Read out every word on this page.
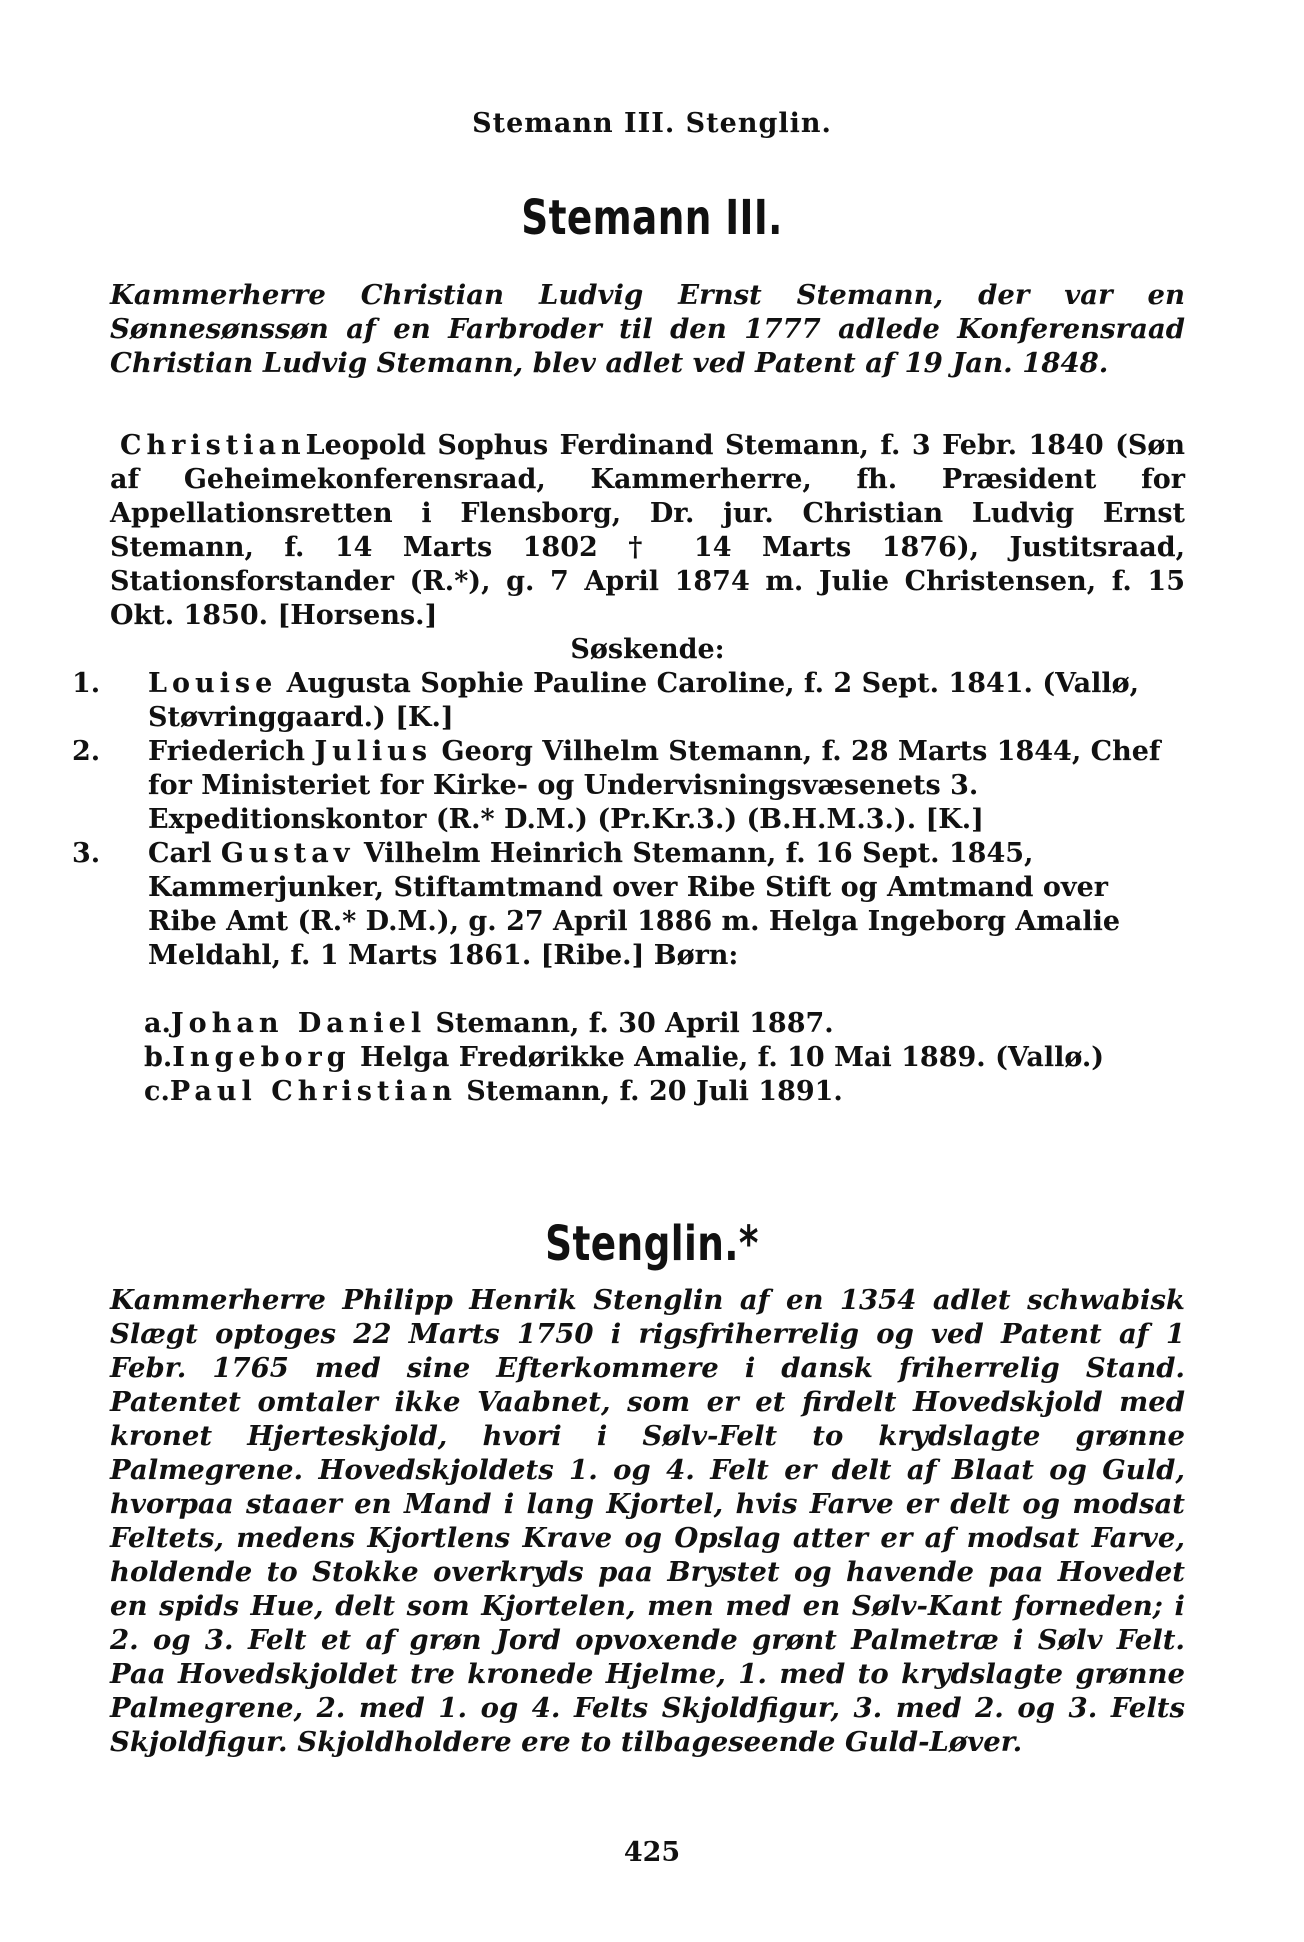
Stemann III. Stenglin.
Stemann III.
Kammerherre Christian Ludvig Ernst Stemann, der var en Sønnesønssøn af en Farbroder til den 1777 adlede Konferensraad Christian Ludvig Stemann, blev adlet ved Patent af 19 Jan. 1848.
ChristianLeopold Sophus Ferdinand Stemann, f. 3 Febr. 1840 (Søn af Geheimekonferensraad, Kammerherre, fh. Præsident for Appellationsretten i Flensborg, Dr. jur. Christian Ludvig Ernst Stemann, f. 14 Marts 1802 † 14 Marts 1876), Justitsraad, Stationsforstander (R.*), g. 7 April 1874 m. Julie Christensen, f. 15 Okt. 1850. [Horsens.]
Søskende:
1. Louise Augusta Sophie Pauline Caroline, f. 2 Sept. 1841. (Vallø, Støvringgaard.) [K.]
2. Friederich Julius Georg Vilhelm Stemann, f. 28 Marts 1844, Chef for Ministeriet for Kirke- og Undervisningsvæsenets 3. Expeditionskontor (R.* D.M.) (Pr.Kr.3.) (B.H.M.3.). [K.]
3. Carl Gustav Vilhelm Heinrich Stemann, f. 16 Sept. 1845, Kammerjunker, Stiftamtmand over Ribe Stift og Amtmand over Ribe Amt (R.* D.M.), g. 27 April 1886 m. Helga Ingeborg Amalie Meldahl, f. 1 Marts 1861. [Ribe.] Børn:
a.Johan Daniel Stemann, f. 30 April 1887.
b.Ingeborg Helga Fredørikke Amalie, f. 10 Mai 1889. (Vallø.)
c.Paul Christian Stemann, f. 20 Juli 1891.
Stenglin.*
Kammerherre Philipp Henrik Stenglin af en 1354 adlet schwabisk Slægt optoges 22 Marts 1750 i rigsfriherrelig og ved Patent af 1 Febr. 1765 med sine Efterkommere i dansk friherrelig Stand. Patentet omtaler ikke Vaabnet, som er et firdelt Hovedskjold med kronet Hjerteskjold, hvori i Sølv-Felt to krydslagte grønne Palmegrene. Hovedskjoldets 1. og 4. Felt er delt af Blaat og Guld, hvorpaa staaer en Mand i lang Kjortel, hvis Farve er delt og modsat Feltets, medens Kjortlens Krave og Opslag atter er af modsat Farve, holdende to Stokke overkryds paa Brystet og havende paa Hovedet en spids Hue, delt som Kjortelen, men med en Sølv-Kant forneden; i 2. og 3. Felt et af grøn Jord opvoxende grønt Palmetræ i Sølv Felt. Paa Hovedskjoldet tre kronede Hjelme, 1. med to krydslagte grønne Palmegrene, 2. med 1. og 4. Felts Skjoldfigur, 3. med 2. og 3. Felts Skjoldfigur. Skjoldholdere ere to tilbageseende Guld-Løver.
425
